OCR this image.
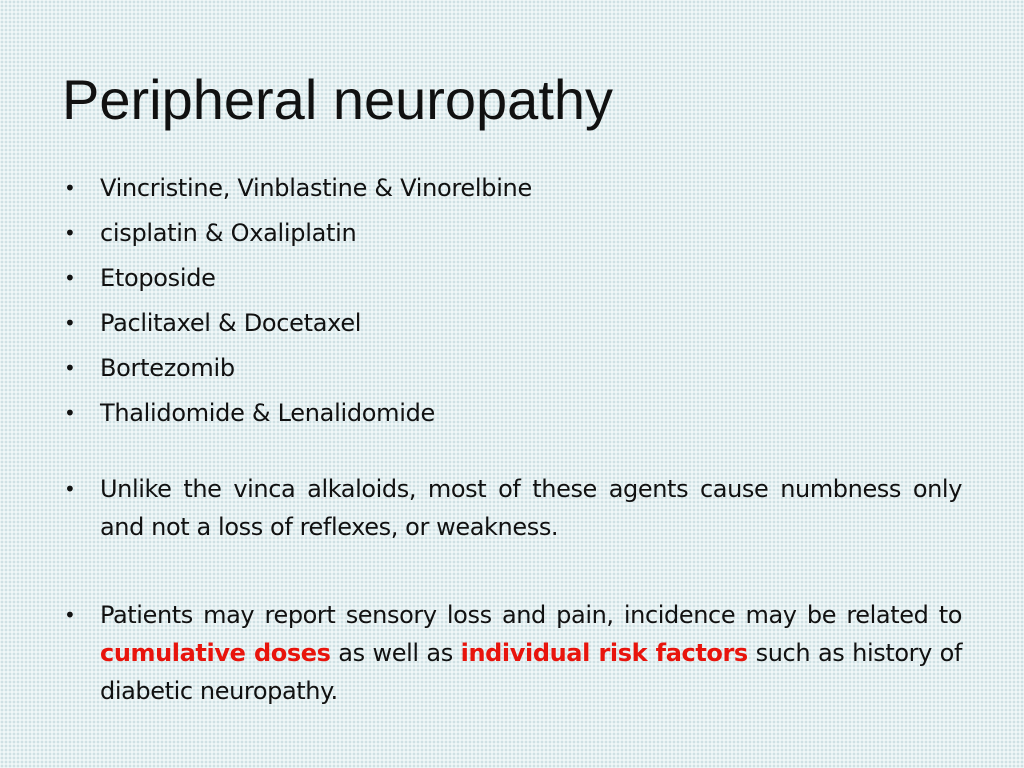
Peripheral neuropathy
• Vincristine, Vinblastine & Vinorelbine
• cisplatin & Oxaliplatin
• Etoposide
• Paclitaxel & Docetaxel
• Bortezomib
• Thalidomide & Lenalidomide
• Unlike the vinca alkaloids, most of these agents cause numbness only and not a loss of reflexes, or weakness.
• Patients may report sensory loss and pain, incidence may be related to cumulative doses as well as individual risk factors such as history of diabetic neuropathy.
